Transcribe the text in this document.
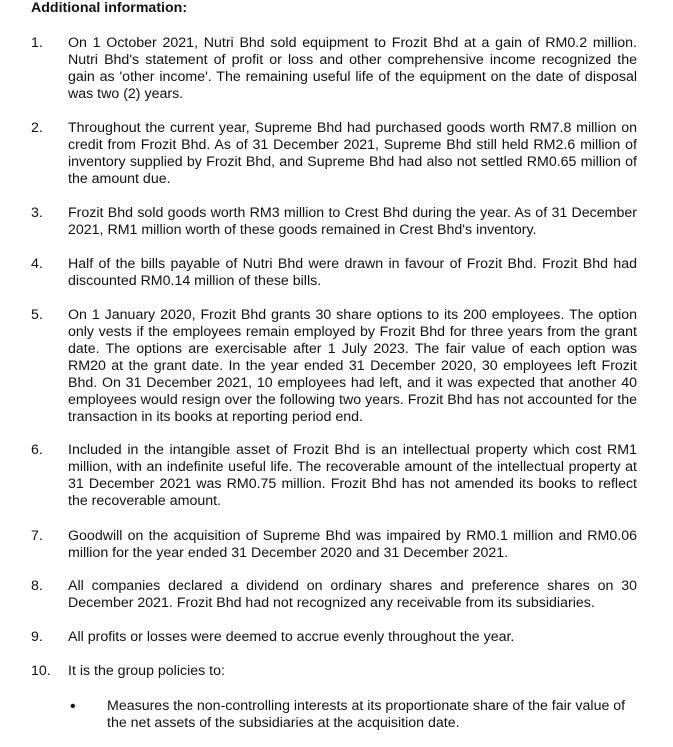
Additional information:
1.	On 1 October 2021, Nutri Bhd sold equipment to Frozit Bhd at a gain of RM0.2 million. Nutri Bhd's statement of profit or loss and other comprehensive income recognized the gain as 'other income'. The remaining useful life of the equipment on the date of disposal was two (2) years.
2.	Throughout the current year, Supreme Bhd had purchased goods worth RM7.8 million on credit from Frozit Bhd. As of 31 December 2021, Supreme Bhd still held RM2.6 million of inventory supplied by Frozit Bhd, and Supreme Bhd had also not settled RM0.65 million of the amount due.
3.	Frozit Bhd sold goods worth RM3 million to Crest Bhd during the year. As of 31 December 2021, RM1 million worth of these goods remained in Crest Bhd's inventory.
4.	Half of the bills payable of Nutri Bhd were drawn in favour of Frozit Bhd. Frozit Bhd had discounted RM0.14 million of these bills.
5.	On 1 January 2020, Frozit Bhd grants 30 share options to its 200 employees. The option only vests if the employees remain employed by Frozit Bhd for three years from the grant date. The options are exercisable after 1 July 2023. The fair value of each option was RM20 at the grant date. In the year ended 31 December 2020, 30 employees left Frozit Bhd. On 31 December 2021, 10 employees had left, and it was expected that another 40 employees would resign over the following two years. Frozit Bhd has not accounted for the transaction in its books at reporting period end.
6.	Included in the intangible asset of Frozit Bhd is an intellectual property which cost RM1 million, with an indefinite useful life. The recoverable amount of the intellectual property at 31 December 2021 was RM0.75 million. Frozit Bhd has not amended its books to reflect the recoverable amount.
7.	Goodwill on the acquisition of Supreme Bhd was impaired by RM0.1 million and RM0.06 million for the year ended 31 December 2020 and 31 December 2021.
8.	All companies declared a dividend on ordinary shares and preference shares on 30 December 2021. Frozit Bhd had not recognized any receivable from its subsidiaries.
9.	All profits or losses were deemed to accrue evenly throughout the year.
10.	It is the group policies to:
• Measures the non-controlling interests at its proportionate share of the fair value of the net assets of the subsidiaries at the acquisition date.
